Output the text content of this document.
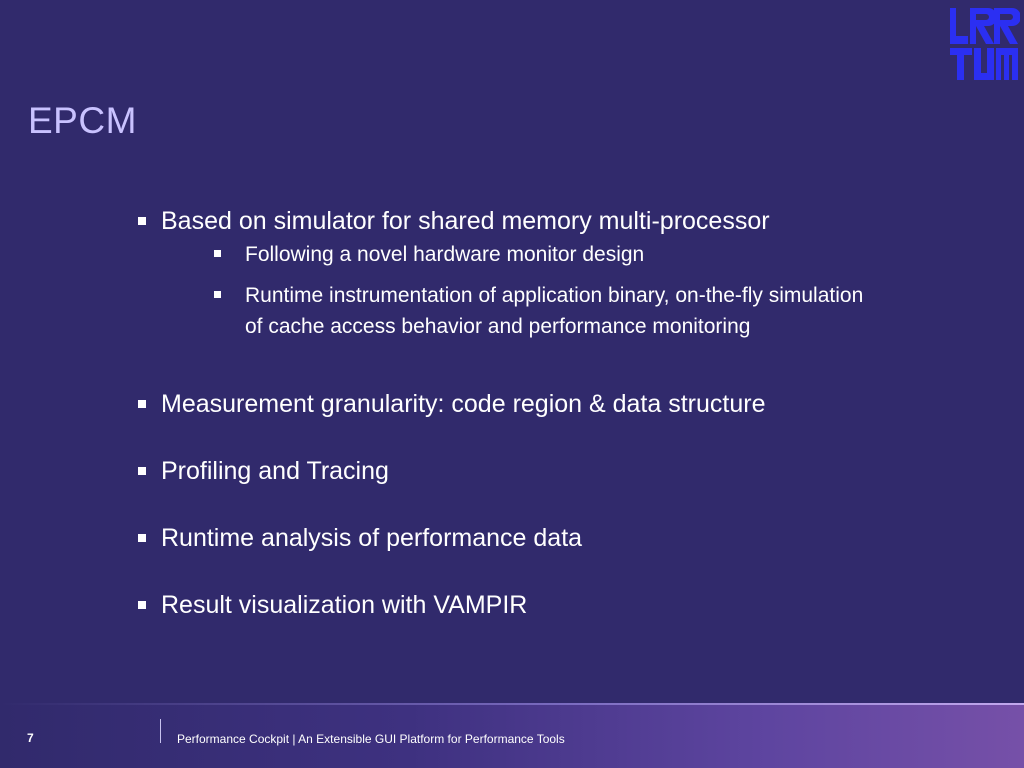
EPCM
Based on simulator for shared memory multi-processor
Following a novel hardware monitor design
Runtime instrumentation of application binary, on-the-fly simulation of cache access behavior and performance monitoring
Measurement granularity: code region & data structure
Profiling and Tracing
Runtime analysis of performance data
Result visualization with VAMPIR
7	Performance Cockpit | An Extensible GUI Platform for Performance Tools
